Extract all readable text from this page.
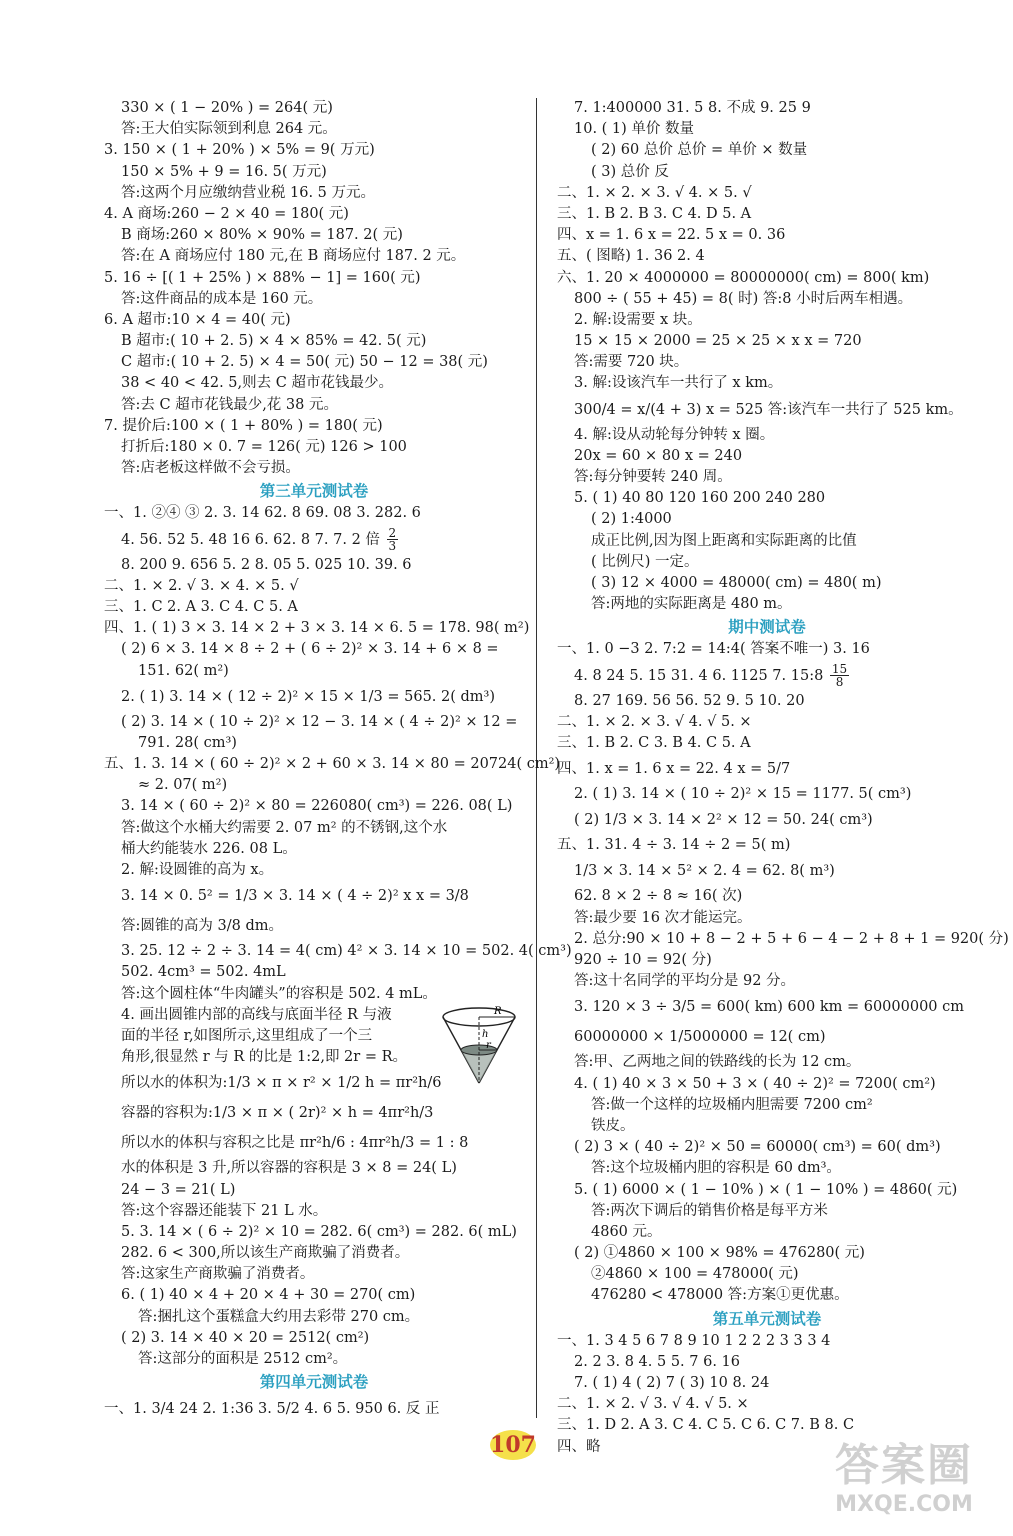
330 × ( 1 − 20% ) = 264( 元)
答:王大伯实际领到利息 264 元。
3. 150 × ( 1 + 20% ) × 5% = 9( 万元)
150 × 5% + 9 = 16. 5( 万元)
答:这两个月应缴纳营业税 16. 5 万元。
4. A 商场:260 − 2 × 40 = 180( 元)
B 商场:260 × 80% × 90% = 187. 2( 元)
答:在 A 商场应付 180 元,在 B 商场应付 187. 2 元。
5. 16 ÷ [( 1 + 25% ) × 88% − 1] = 160( 元)
答:这件商品的成本是 160 元。
6. A 超市:10 × 4 = 40( 元)
B 超市:( 10 + 2. 5) × 4 × 85% = 42. 5( 元)
C 超市:( 10 + 2. 5) × 4 = 50( 元) 50 − 12 = 38( 元)
38 < 40 < 42. 5,则去 C 超市花钱最少。
答:去 C 超市花钱最少,花 38 元。
7. 提价后:100 × ( 1 + 80% ) = 180( 元)
打折后:180 × 0. 7 = 126( 元) 126 > 100
答:店老板这样做不会亏损。
第三单元测试卷
一、1. ②④ ③ 2. 3. 14 62. 8 69. 08 3. 282. 6
4. 56. 52 5. 48 16 6. 62. 8 7. 7. 2 倍 $\frac{2}{3}$
8. 200 9. 656 5. 2 8. 05 5. 025 10. 39. 6
二、1. × 2. √ 3. × 4. × 5. √
三、1. C 2. A 3. C 4. C 5. A
四、1. ( 1) 3 × 3. 14 × 2 + 3 × 3. 14 × 6. 5 = 178. 98( m²)
( 2) 6 × 3. 14 × 8 ÷ 2 + ( 6 ÷ 2)² × 3. 14 + 6 × 8 =
151. 62( m²)
2. ( 1) 3. 14 × ( 12 ÷ 2)² × 15 × 1/3 = 565. 2( dm³)
( 2) 3. 14 × ( 10 ÷ 2)² × 12 − 3. 14 × ( 4 ÷ 2)² × 12 =
791. 28( cm³)
五、1. 3. 14 × ( 60 ÷ 2)² × 2 + 60 × 3. 14 × 80 = 20724( cm²)
≈ 2. 07( m²)
3. 14 × ( 60 ÷ 2)² × 80 = 226080( cm³) = 226. 08( L)
答:做这个水桶大约需要 2. 07 m² 的不锈钢,这个水
桶大约能装水 226. 08 L。
2. 解:设圆锥的高为 x。
3. 14 × 0. 5² = 1/3 × 3. 14 × ( 4 ÷ 2)² x x = 3/8
答:圆锥的高为 3/8 dm。
3. 25. 12 ÷ 2 ÷ 3. 14 = 4( cm) 4² × 3. 14 × 10 = 502. 4( cm³)
502. 4cm³ = 502. 4mL
答:这个圆柱体“牛肉罐头”的容积是 502. 4 mL。
4. 画出圆锥内部的高线与底面半径 R 与液
面的半径 r,如图所示,这里组成了一个三
角形,很显然 r 与 R 的比是 1:2,即 2r = R。
所以水的体积为:1/3 × π × r² × 1/2 h = πr²h/6
容器的容积为:1/3 × π × ( 2r)² × h = 4πr²h/3
所以水的体积与容积之比是 πr²h/6 : 4πr²h/3 = 1 : 8
水的体积是 3 升,所以容器的容积是 3 × 8 = 24( L)
24 − 3 = 21( L)
答:这个容器还能装下 21 L 水。
5. 3. 14 × ( 6 ÷ 2)² × 10 = 282. 6( cm³) = 282. 6( mL)
282. 6 < 300,所以该生产商欺骗了消费者。
答:这家生产商欺骗了消费者。
6. ( 1) 40 × 4 + 20 × 4 + 30 = 270( cm)
答:捆扎这个蛋糕盒大约用去彩带 270 cm。
( 2) 3. 14 × 40 × 20 = 2512( cm²)
答:这部分的面积是 2512 cm²。
第四单元测试卷
一、1. 3/4 24 2. 1:36 3. 5/2 4. 6 5. 950 6. 反 正
7. 1:400000 31. 5 8. 不成 9. 25 9
10. ( 1) 单价 数量
( 2) 60 总价 总价 = 单价 × 数量
( 3) 总价 反
二、1. × 2. × 3. √ 4. × 5. √
三、1. B 2. B 3. C 4. D 5. A
四、x = 1. 6 x = 22. 5 x = 0. 36
五、( 图略) 1. 36 2. 4
六、1. 20 × 4000000 = 80000000( cm) = 800( km)
800 ÷ ( 55 + 45) = 8( 时) 答:8 小时后两车相遇。
2. 解:设需要 x 块。
15 × 15 × 2000 = 25 × 25 × x x = 720
答:需要 720 块。
3. 解:设该汽车一共行了 x km。
300/4 = x/(4 + 3) x = 525 答:该汽车一共行了 525 km。
4. 解:设从动轮每分钟转 x 圈。
20x = 60 × 80 x = 240
答:每分钟要转 240 周。
5. ( 1) 40 80 120 160 200 240 280
( 2) 1:4000
成正比例,因为图上距离和实际距离的比值
( 比例尺) 一定。
( 3) 12 × 4000 = 48000( cm) = 480( m)
答:两地的实际距离是 480 m。
期中测试卷
一、1. 0 −3 2. 7:2 = 14:4( 答案不唯一) 3. 16
4. 8 24 5. 15 31. 4 6. 1125 7. 15:8 $\frac{15}{8}$
8. 27 169. 56 56. 52 9. 5 10. 20
二、1. × 2. × 3. √ 4. √ 5. ×
三、1. B 2. C 3. B 4. C 5. A
四、1. x = 1. 6 x = 22. 4 x = 5/7
2. ( 1) 3. 14 × ( 10 ÷ 2)² × 15 = 1177. 5( cm³)
( 2) 1/3 × 3. 14 × 2² × 12 = 50. 24( cm³)
五、1. 31. 4 ÷ 3. 14 ÷ 2 = 5( m)
1/3 × 3. 14 × 5² × 2. 4 = 62. 8( m³)
62. 8 × 2 ÷ 8 ≈ 16( 次)
答:最少要 16 次才能运完。
2. 总分:90 × 10 + 8 − 2 + 5 + 6 − 4 − 2 + 8 + 1 = 920( 分)
920 ÷ 10 = 92( 分)
答:这十名同学的平均分是 92 分。
3. 120 × 3 ÷ 3/5 = 600( km) 600 km = 60000000 cm
60000000 × 1/5000000 = 12( cm)
答:甲、乙两地之间的铁路线的长为 12 cm。
4. ( 1) 40 × 3 × 50 + 3 × ( 40 ÷ 2)² = 7200( cm²)
答:做一个这样的垃圾桶内胆需要 7200 cm²
铁皮。
( 2) 3 × ( 40 ÷ 2)² × 50 = 60000( cm³) = 60( dm³)
答:这个垃圾桶内胆的容积是 60 dm³。
5. ( 1) 6000 × ( 1 − 10% ) × ( 1 − 10% ) = 4860( 元)
答:两次下调后的销售价格是每平方米
4860 元。
( 2) ①4860 × 100 × 98% = 476280( 元)
②4860 × 100 = 478000( 元)
476280 < 478000 答:方案①更优惠。
第五单元测试卷
一、1. 3 4 5 6 7 8 9 10 1 2 2 2 3 3 3 4
2. 2 3. 8 4. 5 5. 7 6. 16
7. ( 1) 4 ( 2) 7 ( 3) 10 8. 24
二、1. × 2. √ 3. √ 4. √ 5. ×
三、1. D 2. A 3. C 4. C 5. C 6. C 7. B 8. C
四、略
R
h
r
107	答案圈
MXQE.COM
